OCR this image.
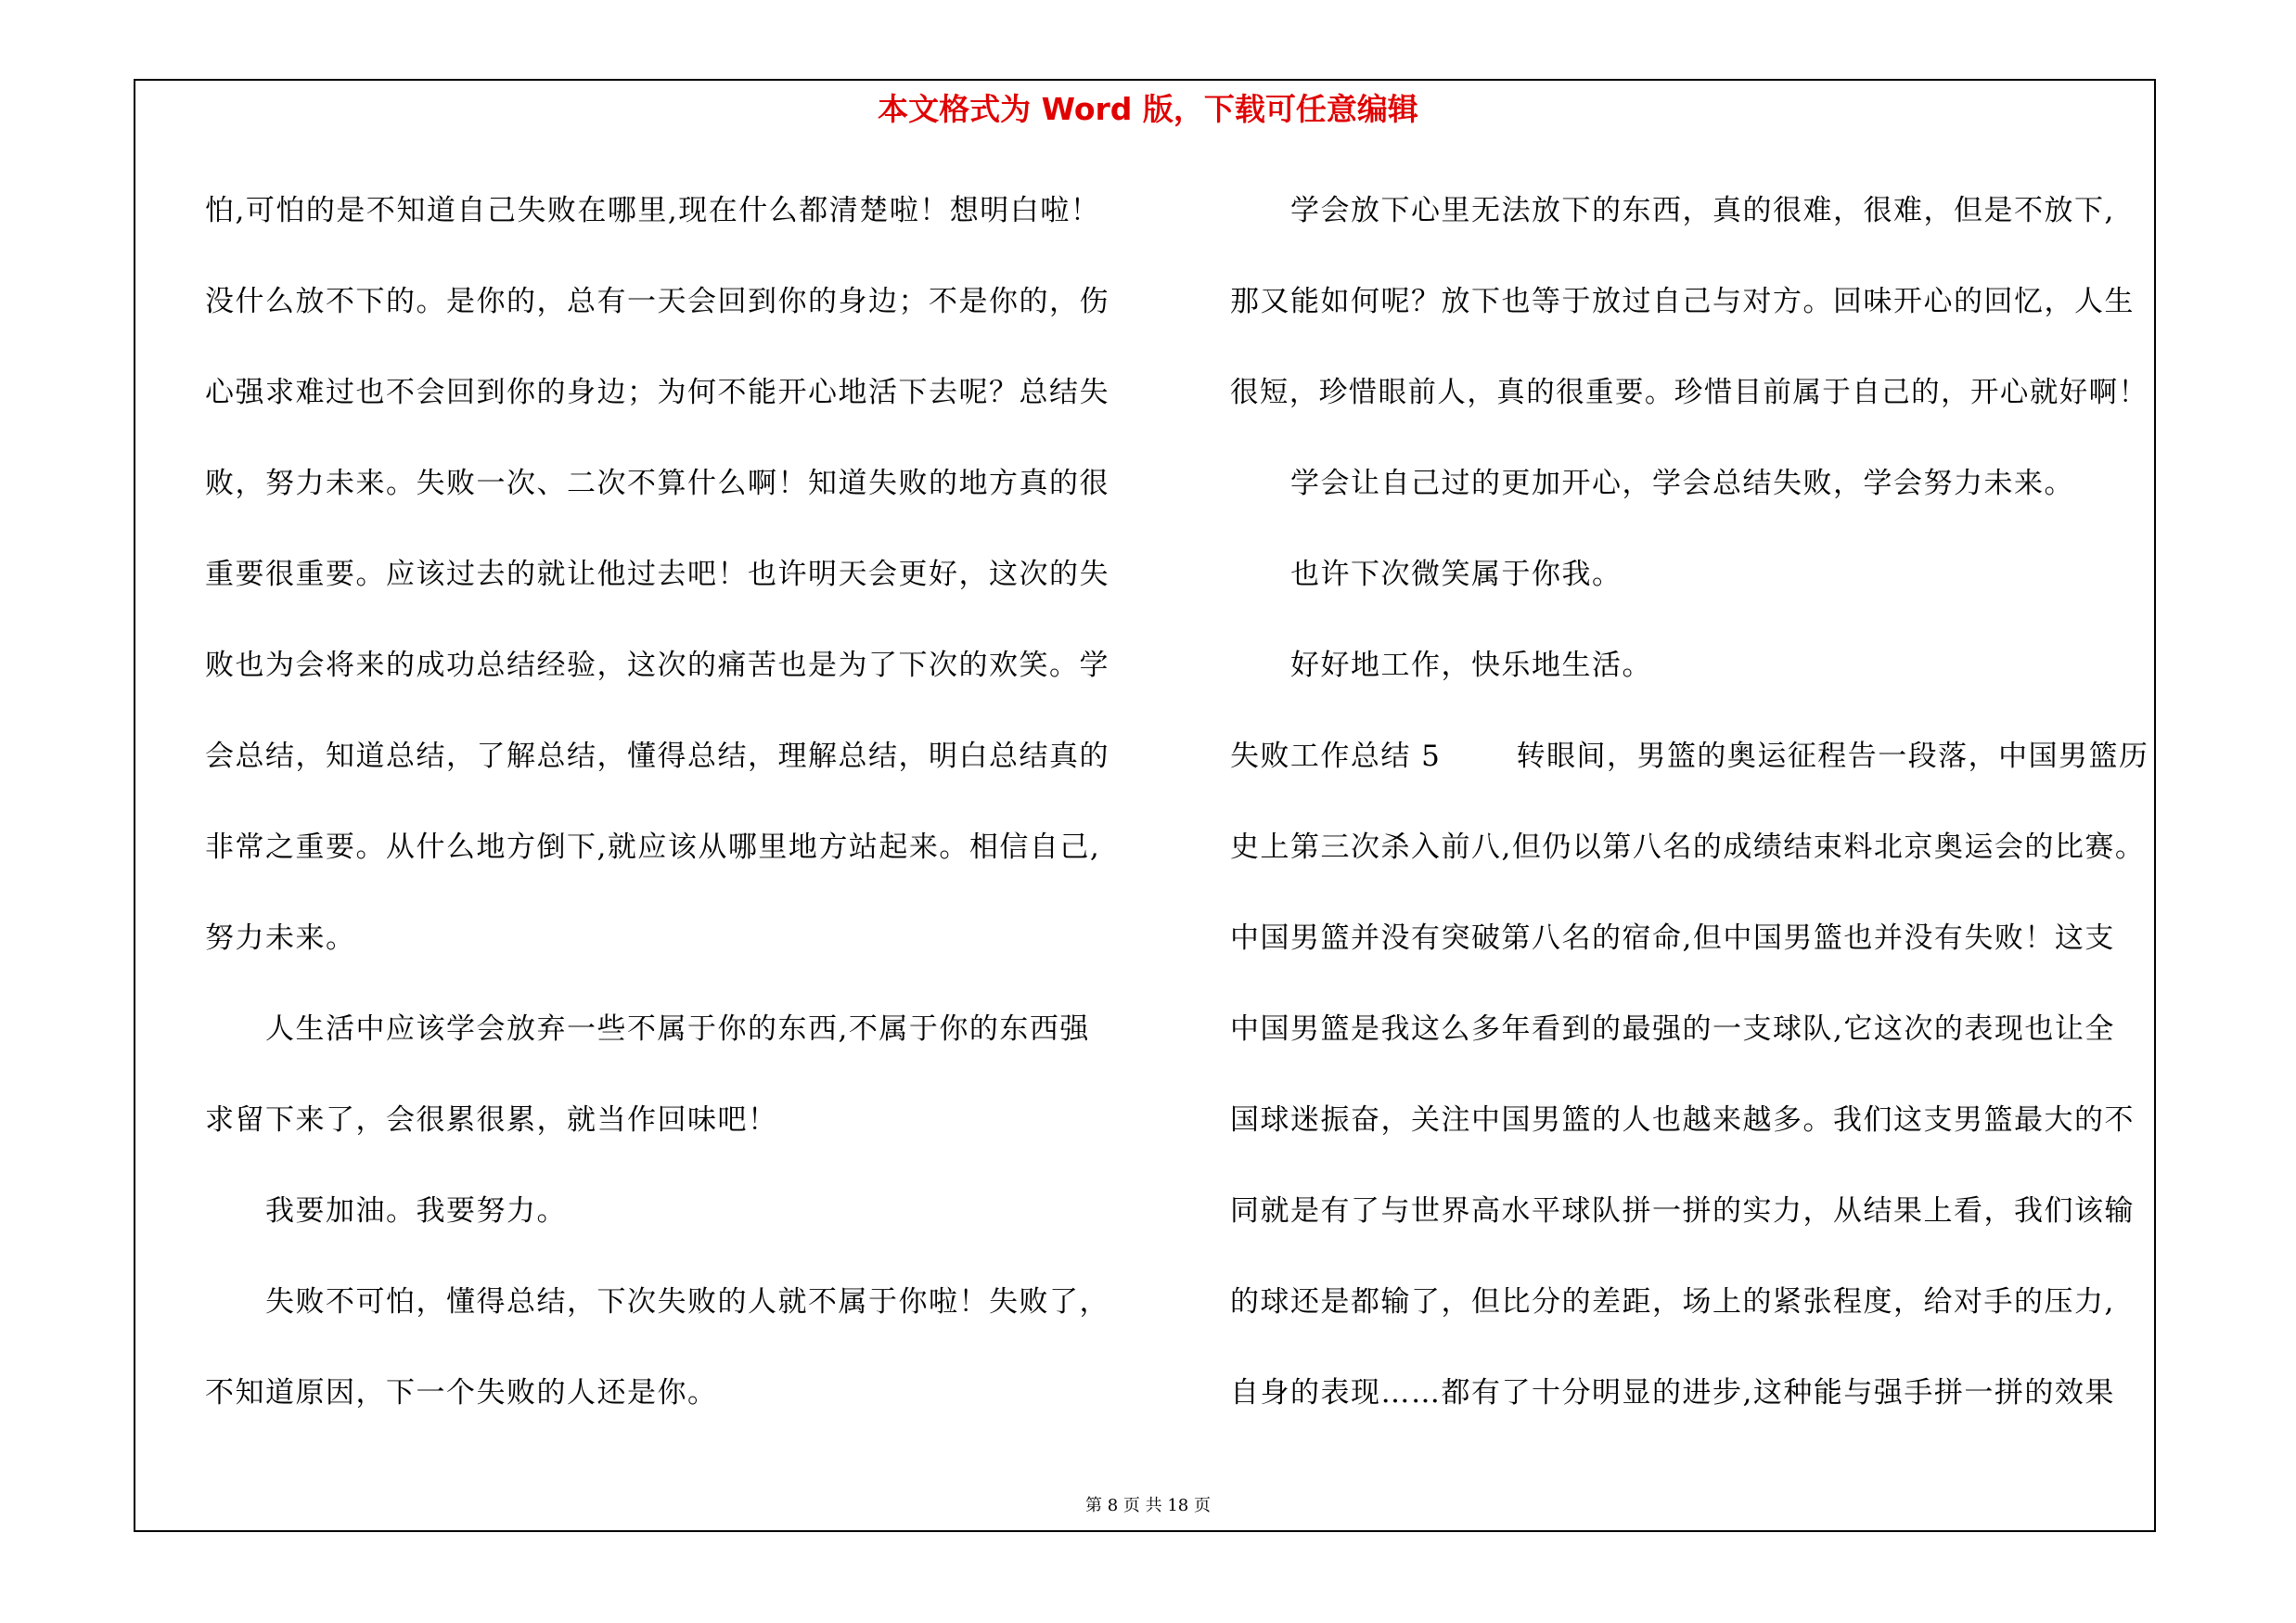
本文格式为 Word 版，下载可任意编辑
怕,可怕的是不知道自己失败在哪里,现在什么都清楚啦！想明白啦！
没什么放不下的。是你的，总有一天会回到你的身边；不是你的，伤
心强求难过也不会回到你的身边；为何不能开心地活下去呢？总结失
败，努力未来。失败一次、二次不算什么啊！知道失败的地方真的很
重要很重要。应该过去的就让他过去吧！也许明天会更好，这次的失
败也为会将来的成功总结经验，这次的痛苦也是为了下次的欢笑。学
会总结，知道总结，了解总结，懂得总结，理解总结，明白总结真的
非常之重要。从什么地方倒下,就应该从哪里地方站起来。相信自己,
努力未来。
人生活中应该学会放弃一些不属于你的东西,不属于你的东西强
求留下来了，会很累很累，就当作回味吧！
我要加油。我要努力。
失败不可怕，懂得总结，下次失败的人就不属于你啦！失败了，
不知道原因，下一个失败的人还是你。
学会放下心里无法放下的东西，真的很难，很难，但是不放下,
那又能如何呢？放下也等于放过自己与对方。回味开心的回忆，人生
很短，珍惜眼前人，真的很重要。珍惜目前属于自己的，开心就好啊！
学会让自己过的更加开心，学会总结失败，学会努力未来。
也许下次微笑属于你我。
好好地工作，快乐地生活。
失败工作总结 5	转眼间，男篮的奥运征程告一段落，中国男篮历
史上第三次杀入前八,但仍以第八名的成绩结束料北京奥运会的比赛。
中国男篮并没有突破第八名的宿命,但中国男篮也并没有失败！这支
中国男篮是我这么多年看到的最强的一支球队,它这次的表现也让全
国球迷振奋，关注中国男篮的人也越来越多。我们这支男篮最大的不
同就是有了与世界高水平球队拼一拼的实力，从结果上看，我们该输
的球还是都输了，但比分的差距，场上的紧张程度，给对手的压力,
自身的表现……都有了十分明显的进步,这种能与强手拼一拼的效果
第 8 页 共 18 页
